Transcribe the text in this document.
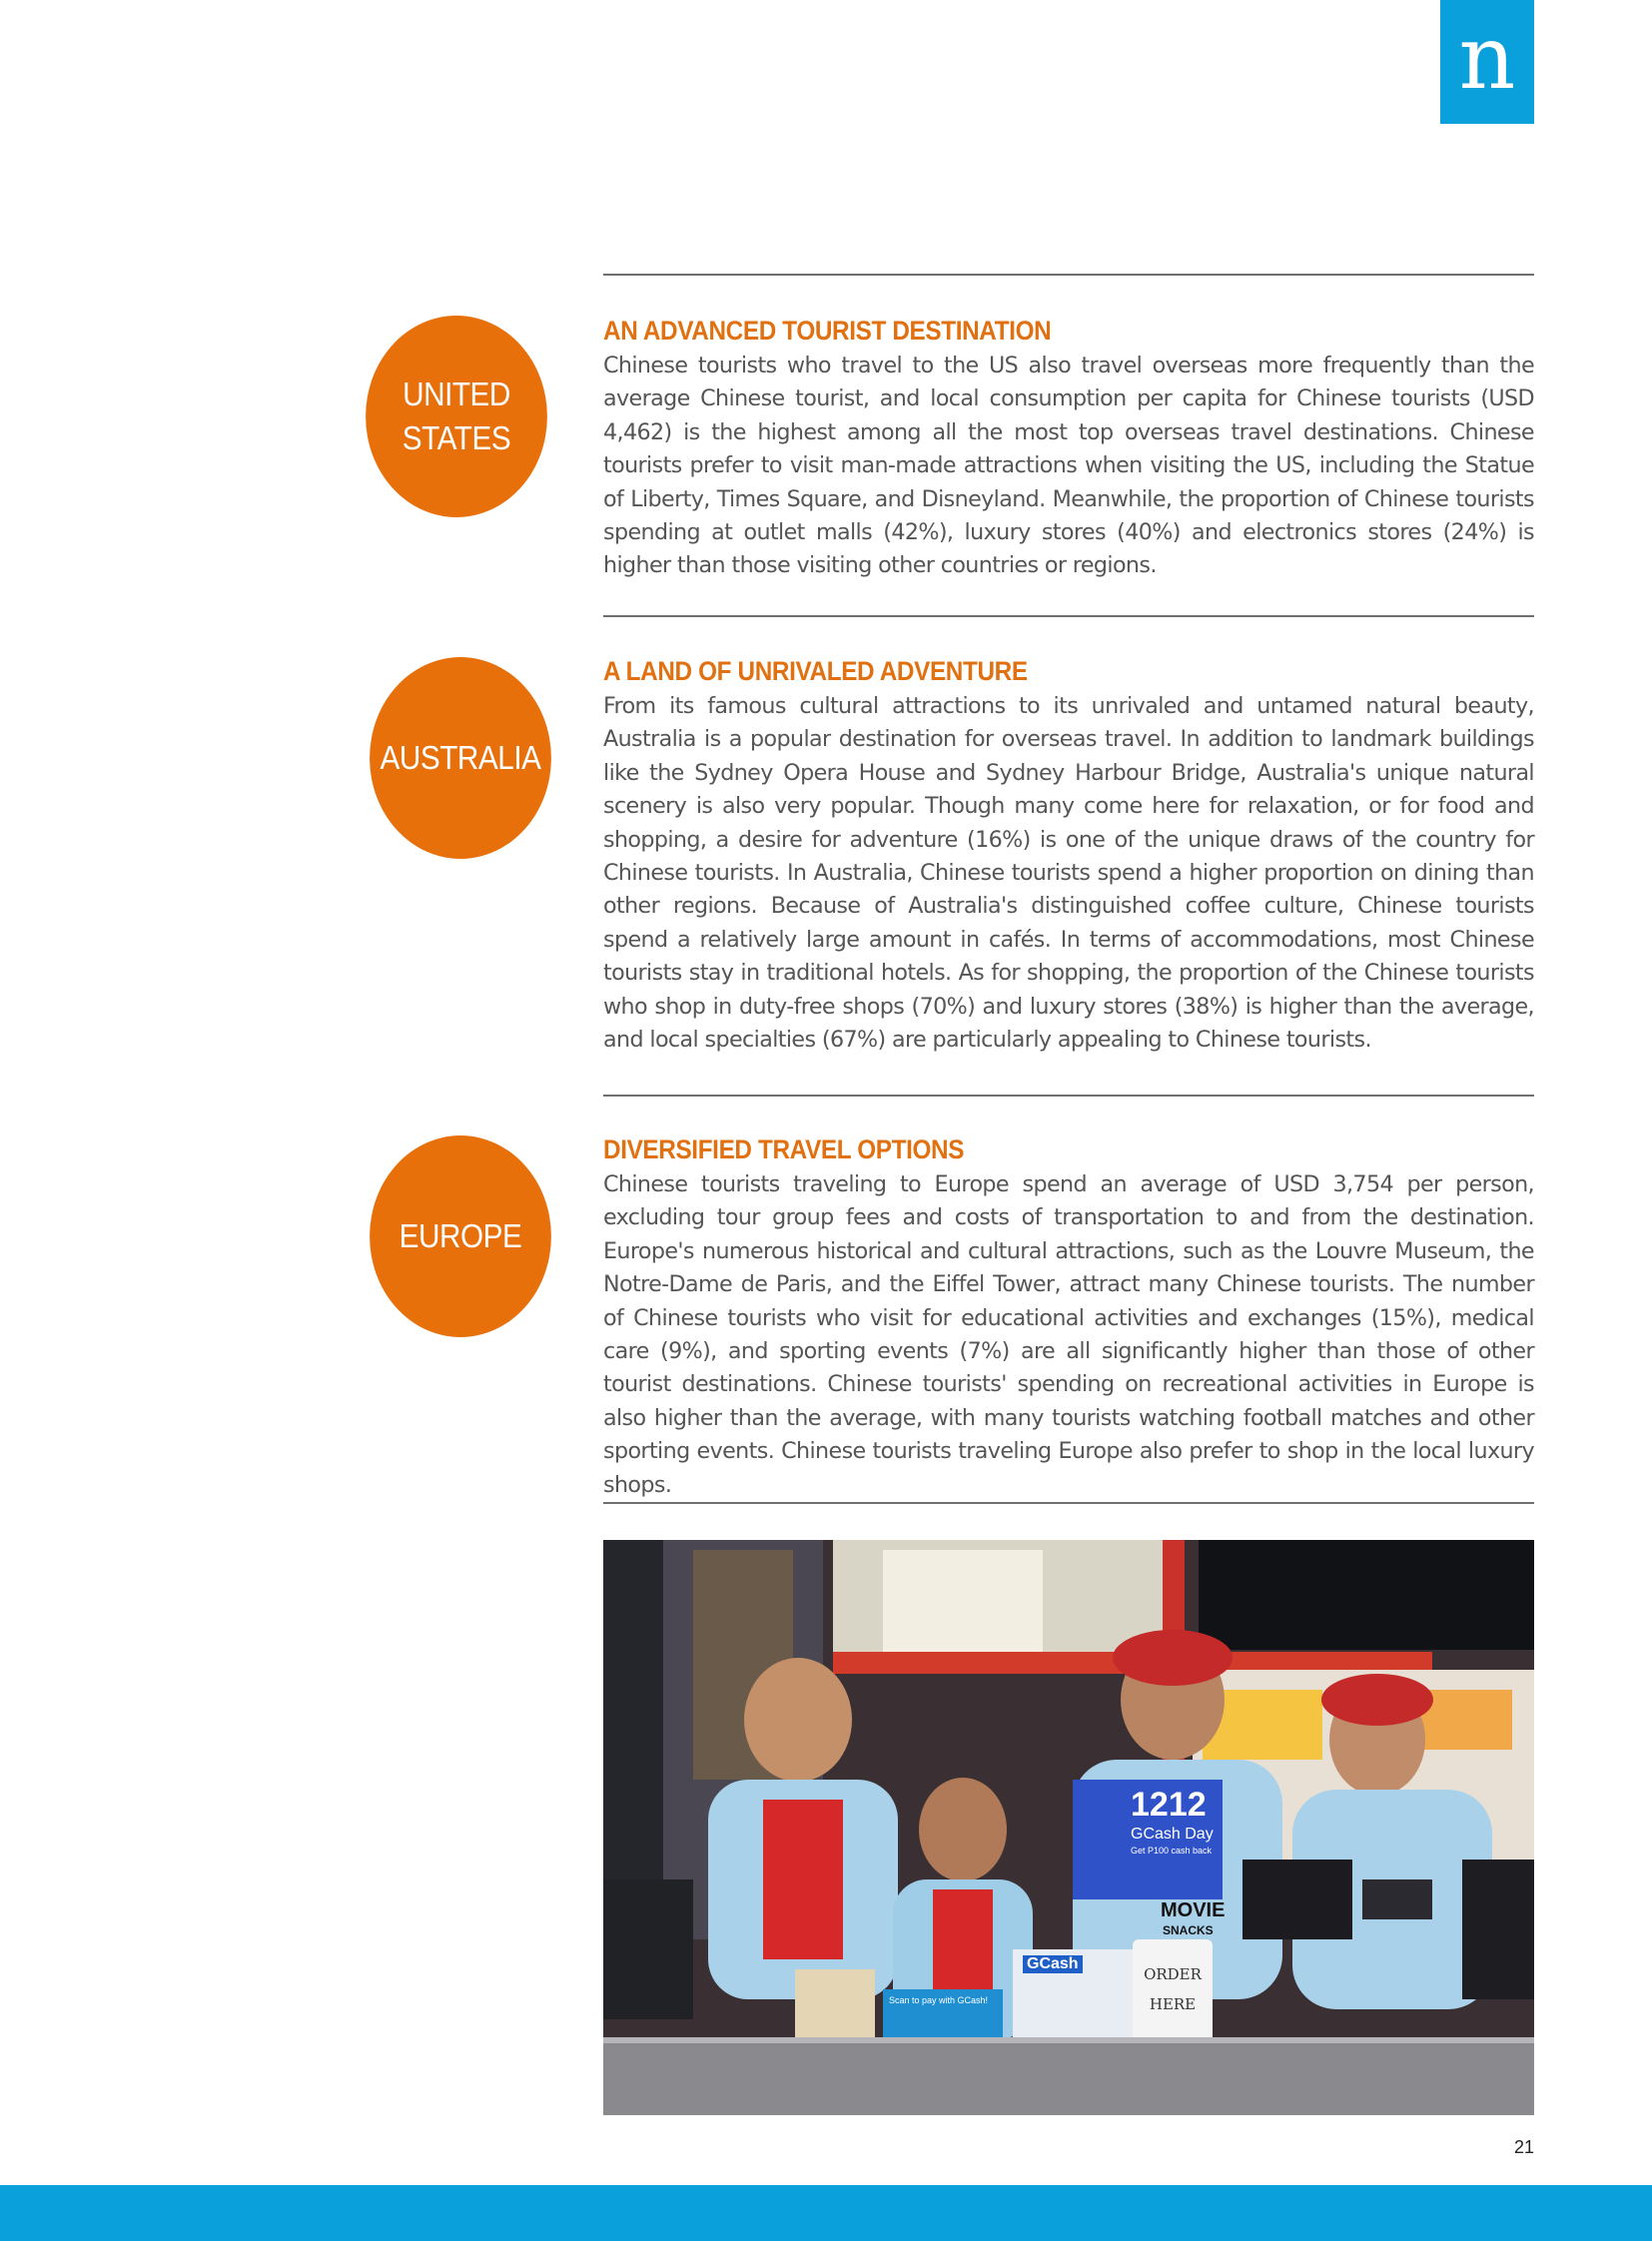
n
UNITED
STATES
AN ADVANCED TOURIST DESTINATION
Chinese tourists who travel to the US also travel overseas more frequently than the average Chinese tourist, and local consumption per capita for Chinese tourists (USD 4,462) is the highest among all the most top overseas travel destinations. Chinese tourists prefer to visit man-made attractions when visiting the US, including the Statue of Liberty, Times Square, and Disneyland. Meanwhile, the proportion of Chinese tourists spending at outlet malls (42%), luxury stores (40%) and electronics stores (24%) is higher than those visiting other countries or regions.
AUSTRALIA
A LAND OF UNRIVALED ADVENTURE
From its famous cultural attractions to its unrivaled and untamed natural beauty, Australia is a popular destination for overseas travel. In addition to landmark buildings like the Sydney Opera House and Sydney Harbour Bridge, Australia's unique natural scenery is also very popular. Though many come here for relaxation, or for food and shopping, a desire for adventure (16%) is one of the unique draws of the country for Chinese tourists. In Australia, Chinese tourists spend a higher proportion on dining than other regions. Because of Australia's distinguished coffee culture, Chinese tourists spend a relatively large amount in cafés. In terms of accommodations, most Chinese tourists stay in traditional hotels. As for shopping, the proportion of the Chinese tourists who shop in duty-free shops (70%) and luxury stores (38%) is higher than the average, and local specialties (67%) are particularly appealing to Chinese tourists.
EUROPE
DIVERSIFIED TRAVEL OPTIONS
Chinese tourists traveling to Europe spend an average of USD 3,754 per person, excluding tour group fees and costs of transportation to and from the destination. Europe's numerous historical and cultural attractions, such as the Louvre Museum, the Notre-Dame de Paris, and the Eiffel Tower, attract many Chinese tourists. The number of Chinese tourists who visit for educational activities and exchanges (15%), medical care (9%), and sporting events (7%) are all significantly higher than those of other tourist destinations. Chinese tourists' spending on recreational activities in Europe is also higher than the average, with many tourists watching football matches and other sporting events. Chinese tourists traveling Europe also prefer to shop in the local luxury shops.
1212
GCash Day
Get P100 cash back
MOVIE
SNACKS
GCash
Scan to pay with GCash!
ORDER
HERE
21
